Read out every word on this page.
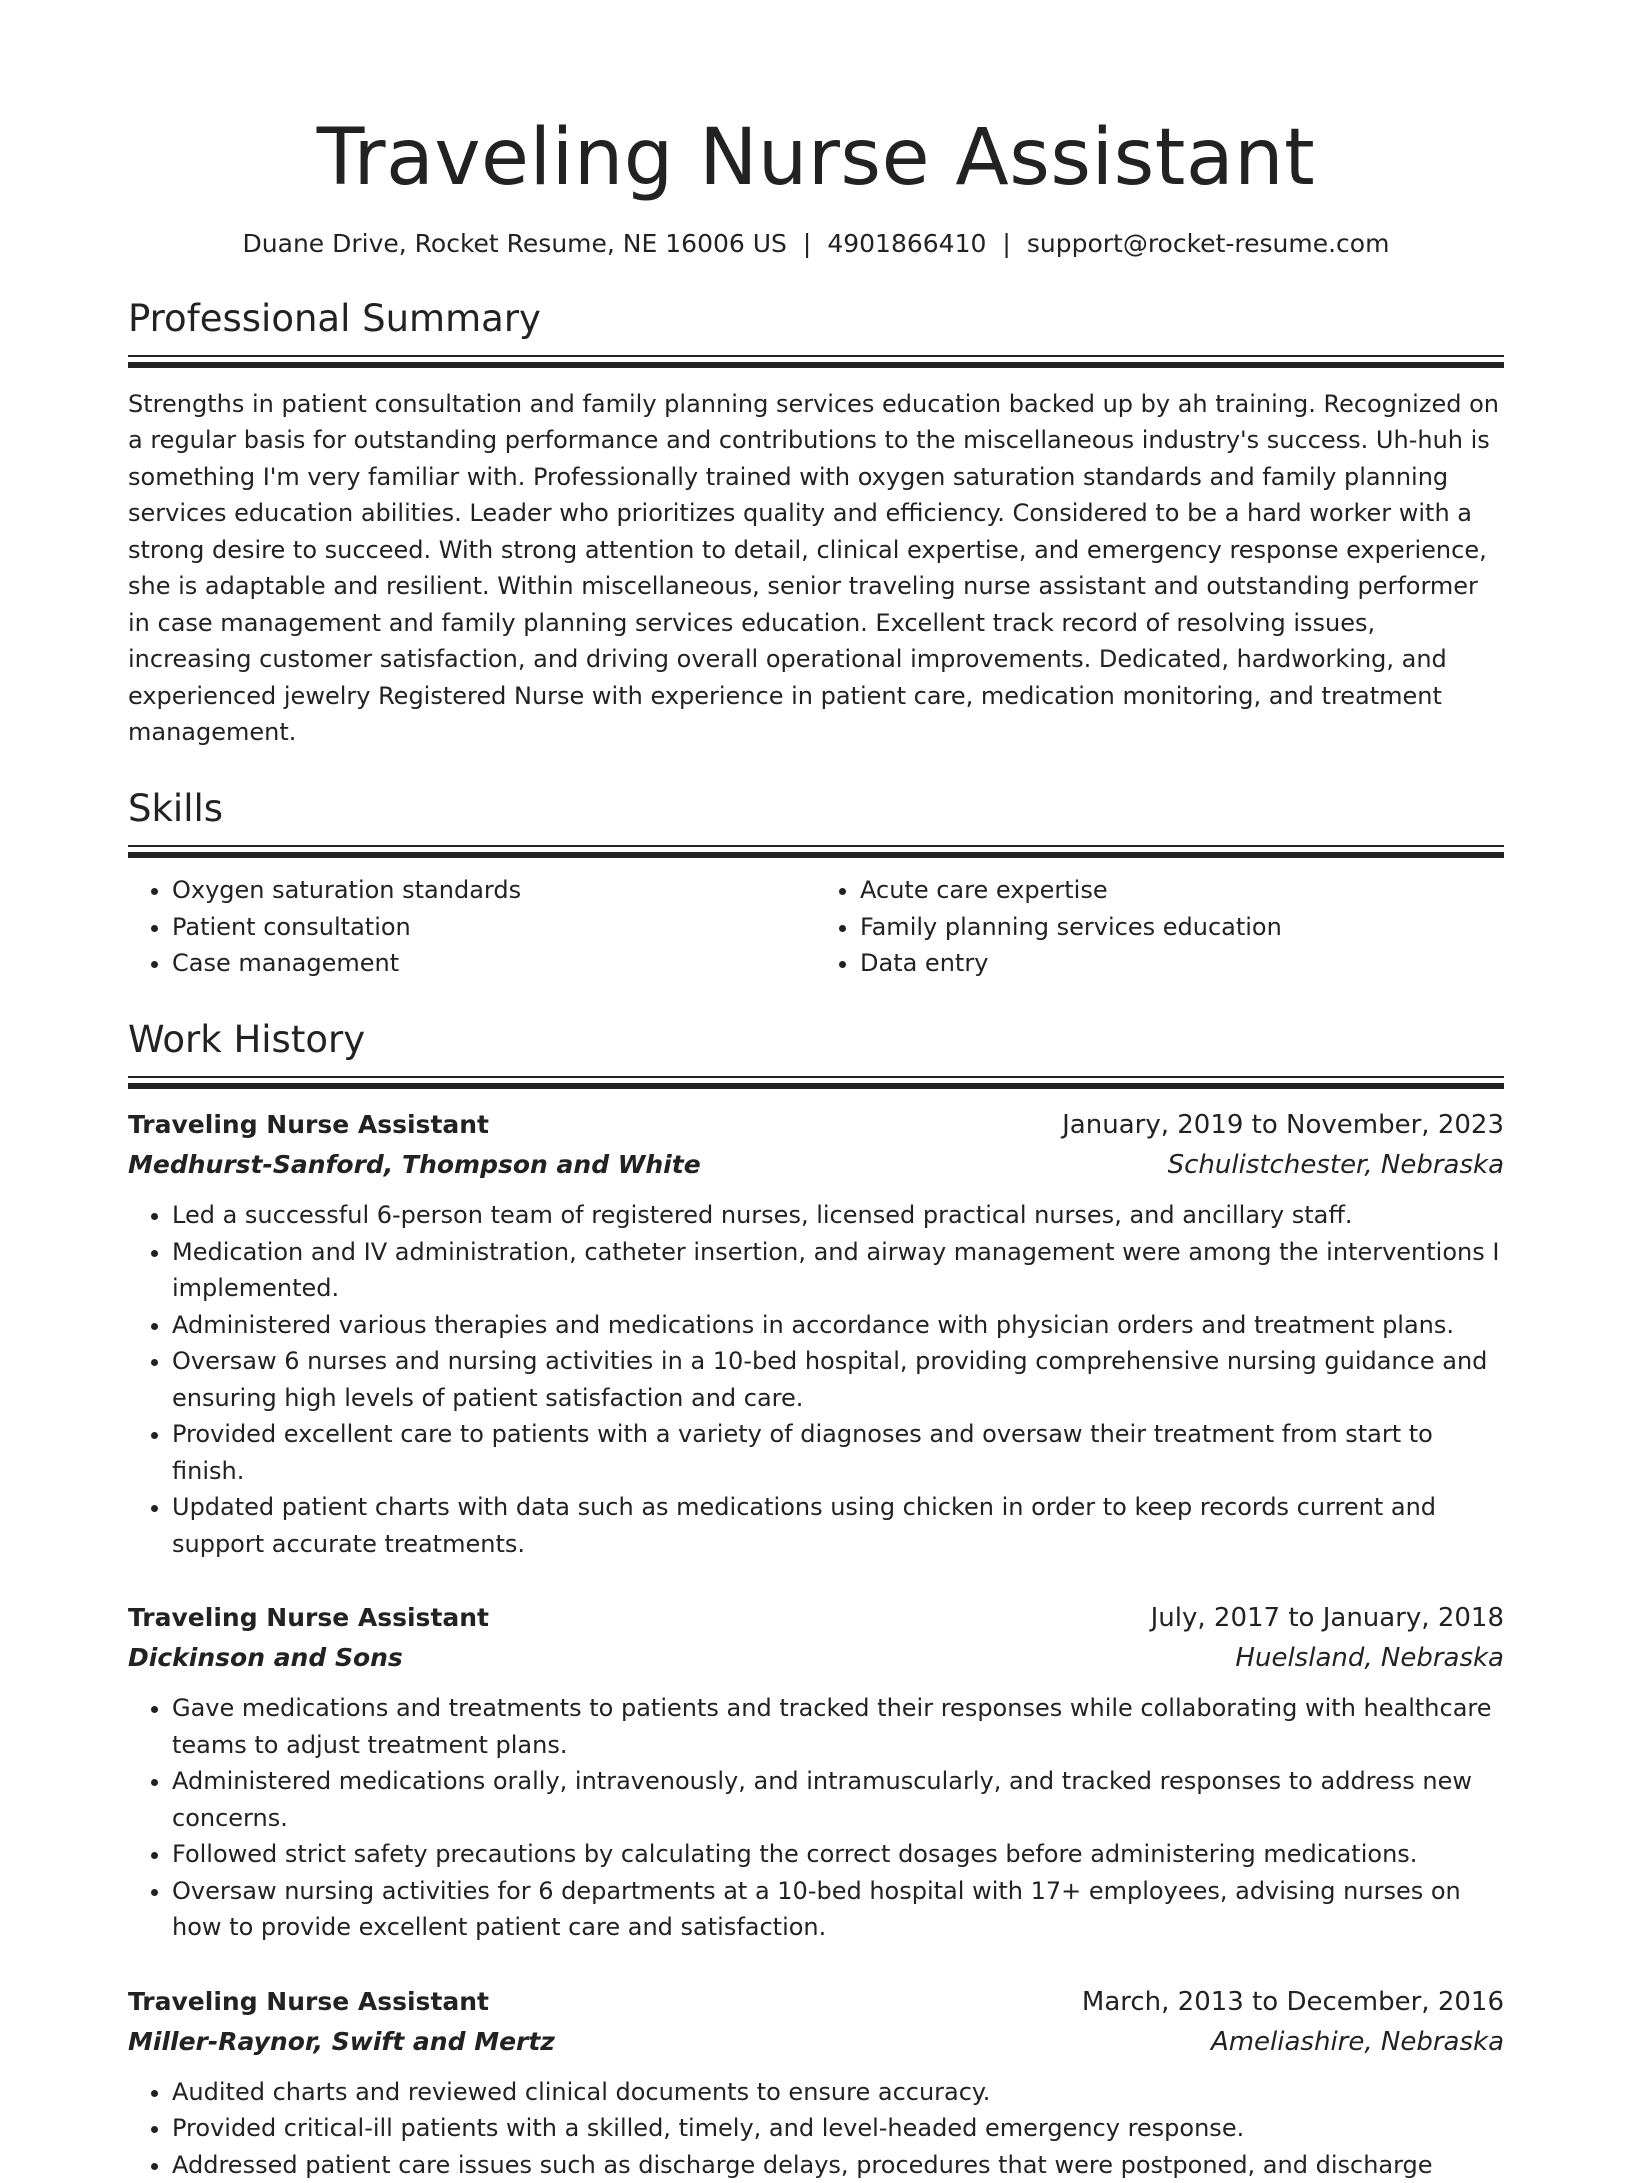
Traveling Nurse Assistant
Duane Drive, Rocket Resume, NE 16006 US | 4901866410 | support@rocket-resume.com
Professional Summary

Strengths in patient consultation and family planning services education backed up by ah training. Recognized on a regular basis for outstanding performance and contributions to the miscellaneous industry's success. Uh-huh is something I'm very familiar with. Professionally trained with oxygen saturation standards and family planning services education abilities. Leader who prioritizes quality and efficiency. Considered to be a hard worker with a strong desire to succeed. With strong attention to detail, clinical expertise, and emergency response experience, she is adaptable and resilient. Within miscellaneous, senior traveling nurse assistant and outstanding performer in case management and family planning services education. Excellent track record of resolving issues, increasing customer satisfaction, and driving overall operational improvements. Dedicated, hardworking, and experienced jewelry Registered Nurse with experience in patient care, medication monitoring, and treatment management.

Skills
• Oxygen saturation standards
• Patient consultation
• Case management
• Acute care expertise
• Family planning services education
• Data entry
Work History
Traveling Nurse Assistant	January, 2019 to November, 2023
Medhurst-Sanford, Thompson and White	Schulistchester, Nebraska
• Led a successful 6-person team of registered nurses, licensed practical nurses, and ancillary staff.
• Medication and IV administration, catheter insertion, and airway management were among the interventions I implemented.
• Administered various therapies and medications in accordance with physician orders and treatment plans.
• Oversaw 6 nurses and nursing activities in a 10-bed hospital, providing comprehensive nursing guidance and ensuring high levels of patient satisfaction and care.
• Provided excellent care to patients with a variety of diagnoses and oversaw their treatment from start to finish.
• Updated patient charts with data such as medications using chicken in order to keep records current and support accurate treatments.
Traveling Nurse Assistant	July, 2017 to January, 2018
Dickinson and Sons	Huelsland, Nebraska
• Gave medications and treatments to patients and tracked their responses while collaborating with healthcare teams to adjust treatment plans.
• Administered medications orally, intravenously, and intramuscularly, and tracked responses to address new concerns.
• Followed strict safety precautions by calculating the correct dosages before administering medications.
• Oversaw nursing activities for 6 departments at a 10-bed hospital with 17+ employees, advising nurses on how to provide excellent patient care and satisfaction.
Traveling Nurse Assistant	March, 2013 to December, 2016
Miller-Raynor, Swift and Mertz	Ameliashire, Nebraska
• Audited charts and reviewed clinical documents to ensure accuracy.
• Provided critical-ill patients with a skilled, timely, and level-headed emergency response.
• Addressed patient care issues such as discharge delays, procedures that were postponed, and discharge
